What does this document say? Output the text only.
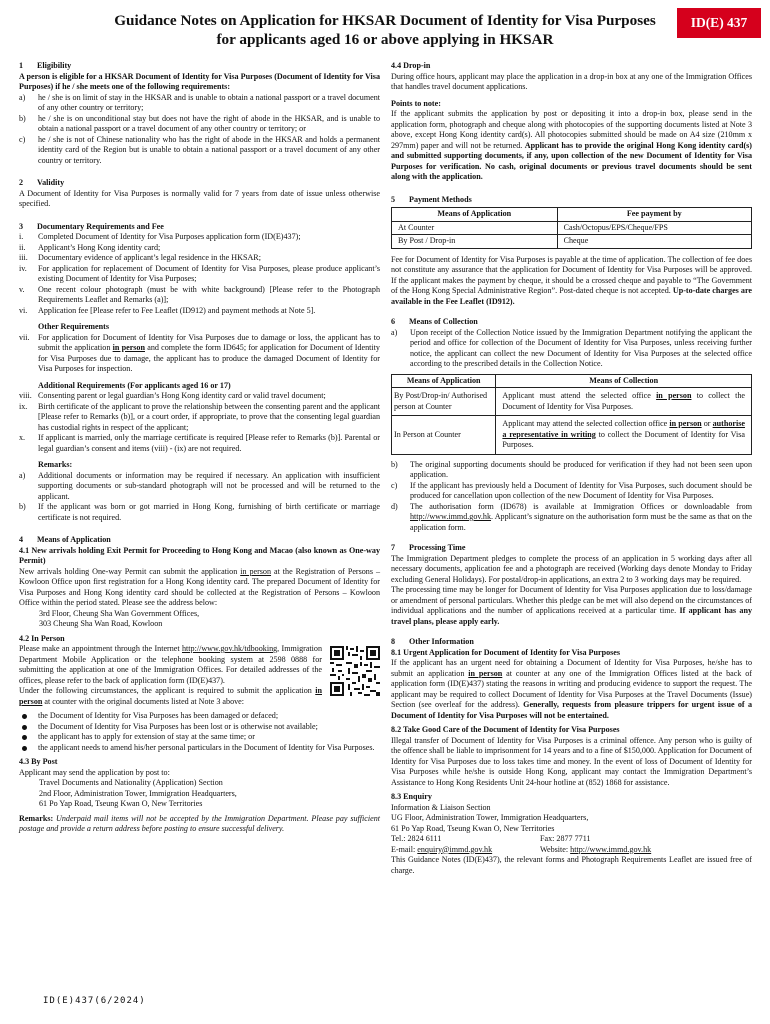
Guidance Notes on Application for HKSAR Document of Identity for Visa Purposes
for applicants aged 16 or above applying in HKSAR
ID(E) 437

1 Eligibility

A person is eligible for a HKSAR Document of Identity for Visa Purposes (Document of Identity for Visa Purposes) if he / she meets one of the following requirements:

a) he / she is on limit of stay in the HKSAR and is unable to obtain a national passport or a travel document of any other country or territory;
b) he / she is on unconditional stay but does not have the right of abode in the HKSAR, and is unable to obtain a national passport or a travel document of any other country or territory; or
c) he / she is not of Chinese nationality who has the right of abode in the HKSAR and holds a permanent identity card of the Region but is unable to obtain a national passport or a travel document of any other country or territory.

2 Validity

A Document of Identity for Visa Purposes is normally valid for 7 years from date of issue unless otherwise specified.

3 Documentary Requirements and Fee

i. Completed Document of Identity for Visa Purposes application form (ID(E)437);
ii. Applicant’s Hong Kong identity card;
iii. Documentary evidence of applicant’s legal residence in the HKSAR;
iv. For application for replacement of Document of Identity for Visa Purposes, please produce applicant’s existing Document of Identity for Visa Purposes;
v. One recent colour photograph (must be with white background) [Please refer to the Photograph Requirements Leaflet and Remarks (a)];
vi. Application fee [Please refer to Fee Leaflet (ID912) and payment methods at Note 5].

Other Requirements

vii. For application for Document of Identity for Visa Purposes due to damage or loss, the applicant has to submit the application in person and complete the form ID645; for application for Document of Identity for Visa Purposes due to damage, the applicant has to produce the damaged Document of Identity for Visa Purposes for inspection.

Additional Requirements (For applicants aged 16 or 17)

viii. Consenting parent or legal guardian’s Hong Kong identity card or valid travel document;
ix. Birth certificate of the applicant to prove the relationship between the consenting parent and the applicant [Please refer to Remarks (b)], or a court order, if appropriate, to prove that the consenting legal guardian has custodial rights in respect of the applicant;
x. If applicant is married, only the marriage certificate is required [Please refer to Remarks (b)]. Parental or legal guardian’s consent and items (viii) - (ix) are not required.

Remarks:

a) Additional documents or information may be required if necessary. An application with insufficient supporting documents or sub-standard photograph will not be processed and will be returned to the applicant.
b) If the applicant was born or got married in Hong Kong, furnishing of birth certificate or marriage certificate is not required.

4 Means of Application

4.1 New arrivals holding Exit Permit for Proceeding to Hong Kong and Macao (also known as One-way Permit)

New arrivals holding One-way Permit can submit the application in person at the Registration of Persons – Kowloon Office upon first registration for a Hong Kong identity card. The prepared Document of Identity for Visa Purposes and Hong Kong identity card should be collected at the Registration of Persons – Kowloon Office within the period stated. Please see the address below:

3rd Floor, Cheung Sha Wan Government Offices,

303 Cheung Sha Wan Road, Kowloon

4.2 In Person

Please make an appointment through the Internet http://www.gov.hk/tdbooking, Immigration Department Mobile Application or the telephone booking system at 2598 0888 for submitting the application at one of the Immigration Offices. For detailed addresses of the offices, please refer to the back of application form (ID(E)437).

Under the following circumstances, the applicant is required to submit the application in person at counter with the original documents listed at Note 3 above:

the Document of Identity for Visa Purposes has been damaged or defaced;
the Document of Identity for Visa Purposes has been lost or is otherwise not available;
the applicant has to apply for extension of stay at the same time; or
the applicant needs to amend his/her personal particulars in the Document of Identity for Visa Purposes.

4.3 By Post

Applicant may send the application by post to:

Travel Documents and Nationality (Application) Section

2nd Floor, Administration Tower, Immigration Headquarters,

61 Po Yap Road, Tseung Kwan O, New Territories

Remarks: Underpaid mail items will not be accepted by the Immigration Department. Please pay sufficient postage and provide a return address before posting to ensure successful delivery.

4.4 Drop-in

During office hours, applicant may place the application in a drop-in box at any one of the Immigration Offices that handles travel document applications.

Points to note:

If the applicant submits the application by post or depositing it into a drop-in box, please send in the application form, photograph and cheque along with photocopies of the supporting documents listed at Note 3 above, except Hong Kong identity card(s). All photocopies submitted should be made on A4 size (210mm x 297mm) paper and will not be returned. Applicant has to provide the original Hong Kong identity card(s) and submitted supporting documents, if any, upon collection of the new Document of Identity for Visa Purposes for verification. No cash, original documents or previous travel documents should be sent along with the application.

5 Payment Methods

Means of Application	Fee payment by
At Counter	Cash/Octopus/EPS/Cheque/FPS
By Post / Drop-in	Cheque

Fee for Document of Identity for Visa Purposes is payable at the time of application. The collection of fee does not constitute any assurance that the application for Document of Identity for Visa Purposes will be approved. If the applicant makes the payment by cheque, it should be a crossed cheque and payable to “The Government of the Hong Kong Special Administrative Region”. Post-dated cheque is not accepted. Up-to-date charges are available in the Fee Leaflet (ID912).

6 Means of Collection

a) Upon receipt of the Collection Notice issued by the Immigration Department notifying the applicant the period and office for collection of the Document of Identity for Visa Purposes, unless receiving further notice, the applicant can collect the new Document of Identity for Visa Purposes at the selected office according to the prescribed details in the Collection Notice.
Means of Application	Means of Collection
By Post/Drop-in/ Authorised person at Counter	Applicant must attend the selected office in person to collect the Document of Identity for Visa Purposes.
In Person at Counter	Applicant may attend the selected collection office in person or authorise a representative in writing to collect the Document of Identity for Visa Purposes.
b) The original supporting documents should be produced for verification if they had not been seen upon application.
c) If the applicant has previously held a Document of Identity for Visa Purposes, such document should be produced for cancellation upon collection of the new Document of Identity for Visa Purposes.
d) The authorisation form (ID678) is available at Immigration Offices or downloadable from http://www.immd.gov.hk. Applicant’s signature on the authorisation form must be the same as that on the application form.

7 Processing Time

The Immigration Department pledges to complete the process of an application in 5 working days after all necessary documents, application fee and a photograph are received (Working days denote Monday to Friday excluding General Holidays). For postal/drop-in applications, an extra 2 to 3 working days may be required.

The processing time may be longer for Document of Identity for Visa Purposes application due to loss/damage or amendment of personal particulars. Whether this pledge can be met will also depend on the circumstances of individual applications and the number of applications received at a particular time. If applicant has any travel plans, please apply early.

8 Other Information

8.1 Urgent Application for Document of Identity for Visa Purposes

If the applicant has an urgent need for obtaining a Document of Identity for Visa Purposes, he/she has to submit an application in person at counter at any one of the Immigration Offices listed at the back of application form (ID(E)437) stating the reasons in writing and producing evidence to support the request. The applicant may be required to collect Document of Identity for Visa Purposes at the Travel Documents (Issue) Section (see overleaf for the address). Generally, requests from pleasure trippers for urgent issue of a Document of Identity for Visa Purposes will not be entertained.

8.2 Take Good Care of the Document of Identity for Visa Purposes

Illegal transfer of Document of Identity for Visa Purposes is a criminal offence. Any person who is guilty of the offence shall be liable to imprisonment for 14 years and to a fine of $150,000. Application for Document of Identity for Visa Purposes due to loss takes time and money. In the event of loss of Document of Identity for Visa Purposes while he/she is outside Hong Kong, applicant may contact the Immigration Department’s Assistance to Hong Kong Residents Unit 24-hour hotline at (852) 1868 for assistance.

8.3 Enquiry

Information & Liaison Section

UG Floor, Administration Tower, Immigration Headquarters,

61 Po Yap Road, Tseung Kwan O, New Territories

Tel.: 2824 6111	Fax: 2877 7711

E-mail: enquiry@immd.gov.hk	Website: http://www.immd.gov.hk

This Guidance Notes (ID(E)437), the relevant forms and Photograph Requirements Leaflet are issued free of charge.

ID(E)437(6/2024)
